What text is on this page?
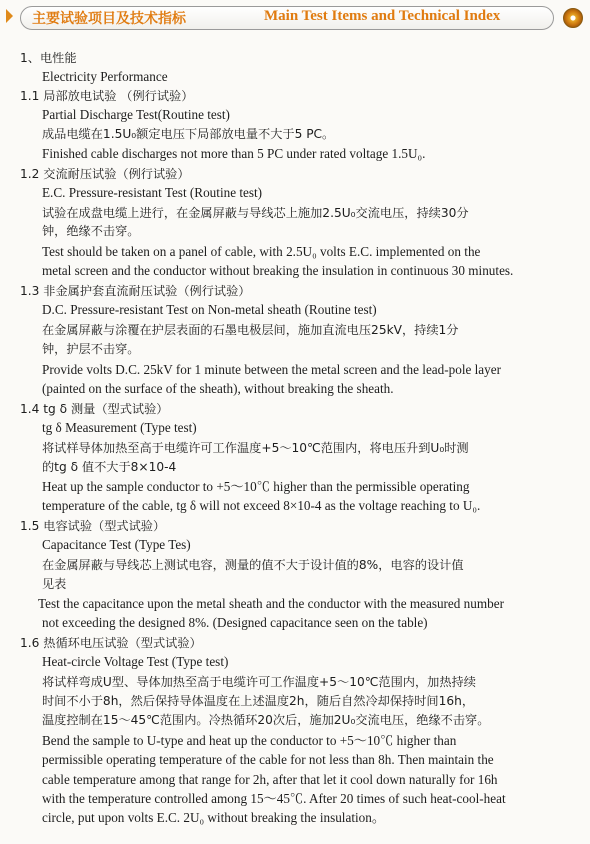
主要试验项目及技术指标	Main Test Items and Technical Index
1、电性能
Electricity Performance
1.1 局部放电试验 （例行试验）
Partial Discharge Test(Routine test)
成品电缆在1.5U₀额定电压下局部放电量不大于5 PC。
Finished cable discharges not more than 5 PC under rated voltage 1.5U₀.
1.2 交流耐压试验（例行试验）
E.C. Pressure-resistant Test (Routine test)
试验在成盘电缆上进行，在金属屏蔽与导线芯上施加2.5U₀交流电压，持续30分
钟，绝缘不击穿。
Test should be taken on a panel of cable, with 2.5U₀ volts E.C. implemented on the
metal screen and the conductor without breaking the insulation in continuous 30 minutes.
1.3 非金属护套直流耐压试验（例行试验）
D.C. Pressure-resistant Test on Non-metal sheath (Routine test)
在金属屏蔽与涂覆在护层表面的石墨电极层间，施加直流电压25kV，持续1分
钟，护层不击穿。
Provide volts D.C. 25kV for 1 minute between the metal screen and the lead-pole layer
(painted on the surface of the sheath), without breaking the sheath.
1.4 tg δ 测量（型式试验）
tg δ Measurement (Type test)
将试样导体加热至高于电缆许可工作温度+5～10℃范围内，将电压升到U₀时测
的tg δ 值不大于8×10-4
Heat up the sample conductor to +5～10℃ higher than the permissible operating
temperature of the cable, tg δ will not exceed 8×10-4 as the voltage reaching to U₀.
1.5 电容试验（型式试验）
Capacitance Test (Type Tes)
在金属屏蔽与导线芯上测试电容，测量的值不大于设计值的8%，电容的设计值
见表
Test the capacitance upon the metal sheath and the conductor with the measured number
not exceeding the designed 8%. (Designed capacitance seen on the table)
1.6 热循环电压试验（型式试验）
Heat-circle Voltage Test (Type test)
将试样弯成U型、导体加热至高于电缆许可工作温度+5～10℃范围内，加热持续
时间不小于8h，然后保持导体温度在上述温度2h，随后自然冷却保持时间16h，
温度控制在15～45℃范围内。冷热循环20次后，施加2U₀交流电压，绝缘不击穿。
Bend the sample to U-type and heat up the conductor to +5～10℃ higher than
permissible operating temperature of the cable for not less than 8h. Then maintain the
cable temperature among that range for 2h, after that let it cool down naturally for 16h
with the temperature controlled among 15～45℃. After 20 times of such heat-cool-heat
circle, put upon volts E.C. 2U₀ without breaking the insulation。
